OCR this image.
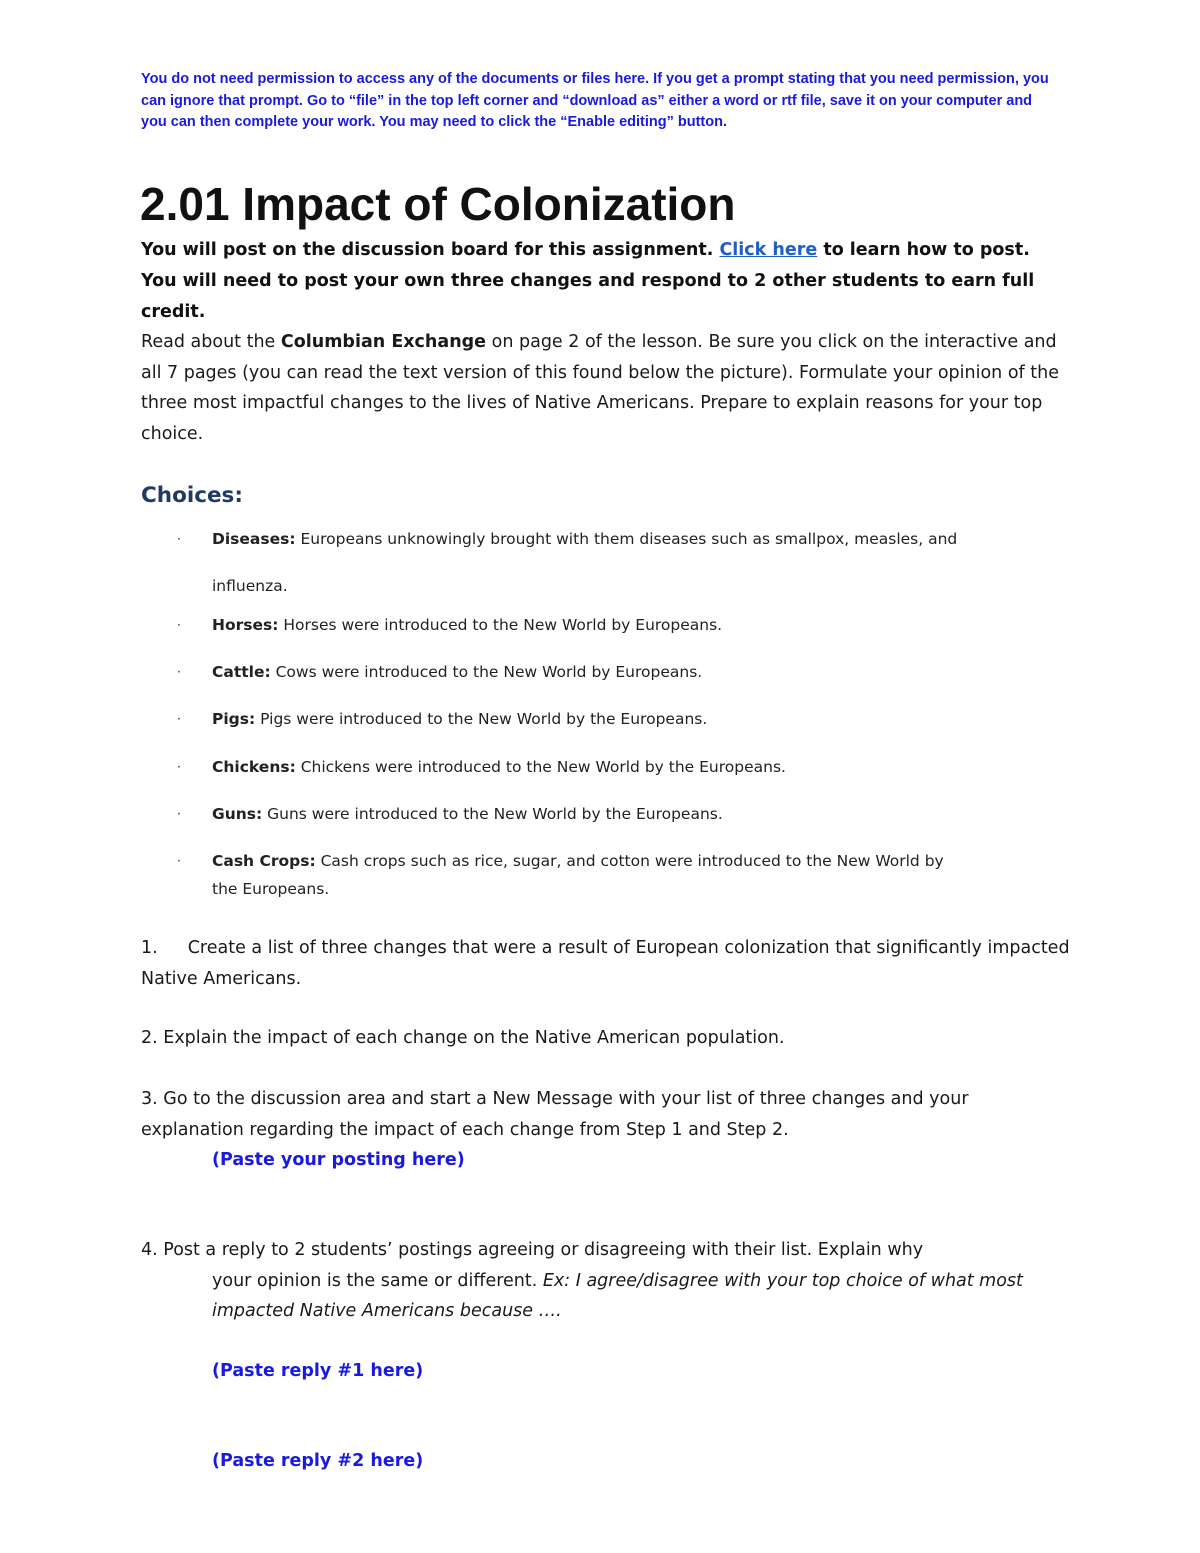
You do not need permission to access any of the documents or files here. If you get a prompt stating that you need permission, you can ignore that prompt. Go to “file” in the top left corner and “download as” either a word or rtf file, save it on your computer and you can then complete your work. You may need to click the “Enable editing” button.
2.01 Impact of Colonization
You will post on the discussion board for this assignment. Click here to learn how to post. You will need to post your own three changes and respond to 2 other students to earn full credit.
Read about the Columbian Exchange on page 2 of the lesson. Be sure you click on the interactive and all 7 pages (you can read the text version of this found below the picture). Formulate your opinion of the three most impactful changes to the lives of Native Americans. Prepare to explain reasons for your top choice.
Choices:
· Diseases: Europeans unknowingly brought with them diseases such as smallpox, measles, and influenza.
· Horses: Horses were introduced to the New World by Europeans.
· Cattle: Cows were introduced to the New World by Europeans.
· Pigs: Pigs were introduced to the New World by the Europeans.
· Chickens: Chickens were introduced to the New World by the Europeans.
· Guns: Guns were introduced to the New World by the Europeans.
· Cash Crops: Cash crops such as rice, sugar, and cotton were introduced to the New World by the Europeans.
1. Create a list of three changes that were a result of European colonization that significantly impacted Native Americans.
2. Explain the impact of each change on the Native American population.
3. Go to the discussion area and start a New Message with your list of three changes and your explanation regarding the impact of each change from Step 1 and Step 2.
(Paste your posting here)
4. Post a reply to 2 students’ postings agreeing or disagreeing with their list. Explain why
your opinion is the same or different. Ex: I agree/disagree with your top choice of what most impacted Native Americans because ….
(Paste reply #1 here)
(Paste reply #2 here)
